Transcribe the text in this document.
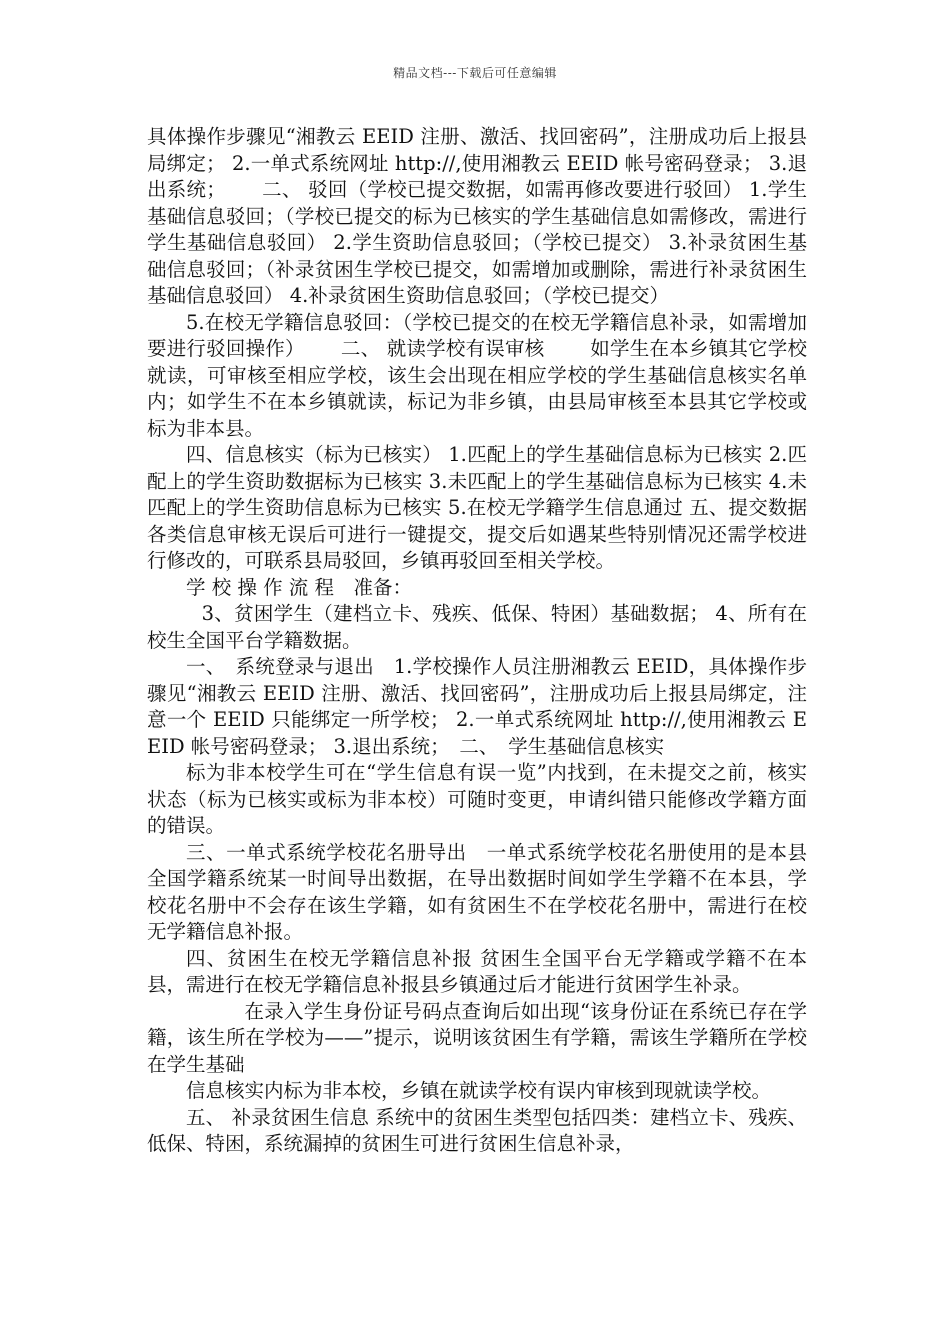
精品文档---下载后可任意编辑

具体操作步骤见“湘教云 EEID 注册、激活、找回密码”，注册成功后上报县局绑定； 2.一单式系统网址 http://,使用湘教云 EEID 帐号密码登录； 3.退出系统；　　 二、 驳回（学校已提交数据，如需再修改要进行驳回） 1.学生基础信息驳回；（学校已提交的标为已核实的学生基础信息如需修改，需进行学生基础信息驳回） 2.学生资助信息驳回；（学校已提交） 3.补录贫困生基础信息驳回；（补录贫困生学校已提交，如需增加或删除，需进行补录贫困生基础信息驳回） 4.补录贫困生资助信息驳回；（学校已提交）

5.在校无学籍信息驳回：（学校已提交的在校无学籍信息补录，如需增加要进行驳回操作）　　 二、 就读学校有误审核　　 如学生在本乡镇其它学校就读，可审核至相应学校，该生会出现在相应学校的学生基础信息核实名单内；如学生不在本乡镇就读，标记为非乡镇，由县局审核至本县其它学校或标为非本县。

四、信息核实（标为已核实） 1.匹配上的学生基础信息标为已核实 2.匹配上的学生资助数据标为已核实 3.未匹配上的学生基础信息标为已核实 4.未匹配上的学生资助信息标为已核实 5.在校无学籍学生信息通过 五、提交数据 各类信息审核无误后可进行一键提交，提交后如遇某些特别情况还需学校进行修改的，可联系县局驳回，乡镇再驳回至相关学校。

学 校 操 作 流 程　准备：

3、贫困学生（建档立卡、残疾、低保、特困）基础数据； 4、所有在校生全国平台学籍数据。

一、　系统登录与退出　1.学校操作人员注册湘教云 EEID，具体操作步骤见“湘教云 EEID 注册、激活、找回密码”，注册成功后上报县局绑定，注意一个 EEID 只能绑定一所学校； 2.一单式系统网址 http://,使用湘教云 EEID 帐号密码登录； 3.退出系统；　二、　学生基础信息核实

标为非本校学生可在“学生信息有误一览”内找到，在未提交之前，核实状态（标为已核实或标为非本校）可随时变更，申请纠错只能修改学籍方面的错误。

三、一单式系统学校花名册导出　一单式系统学校花名册使用的是本县全国学籍系统某一时间导出数据，在导出数据时间如学生学籍不在本县，学校花名册中不会存在该生学籍，如有贫困生不在学校花名册中，需进行在校无学籍信息补报。

四、贫困生在校无学籍信息补报 贫困生全国平台无学籍或学籍不在本县，需进行在校无学籍信息补报县乡镇通过后才能进行贫困学生补录。

在录入学生身份证号码点查询后如出现“该身份证在系统已存在学籍，该生所在学校为——”提示，说明该贫困生有学籍，需该生学籍所在学校在学生基础

信息核实内标为非本校，乡镇在就读学校有误内审核到现就读学校。

五、 补录贫困生信息 系统中的贫困生类型包括四类：建档立卡、残疾、低保、特困，系统漏掉的贫困生可进行贫困生信息补录，
